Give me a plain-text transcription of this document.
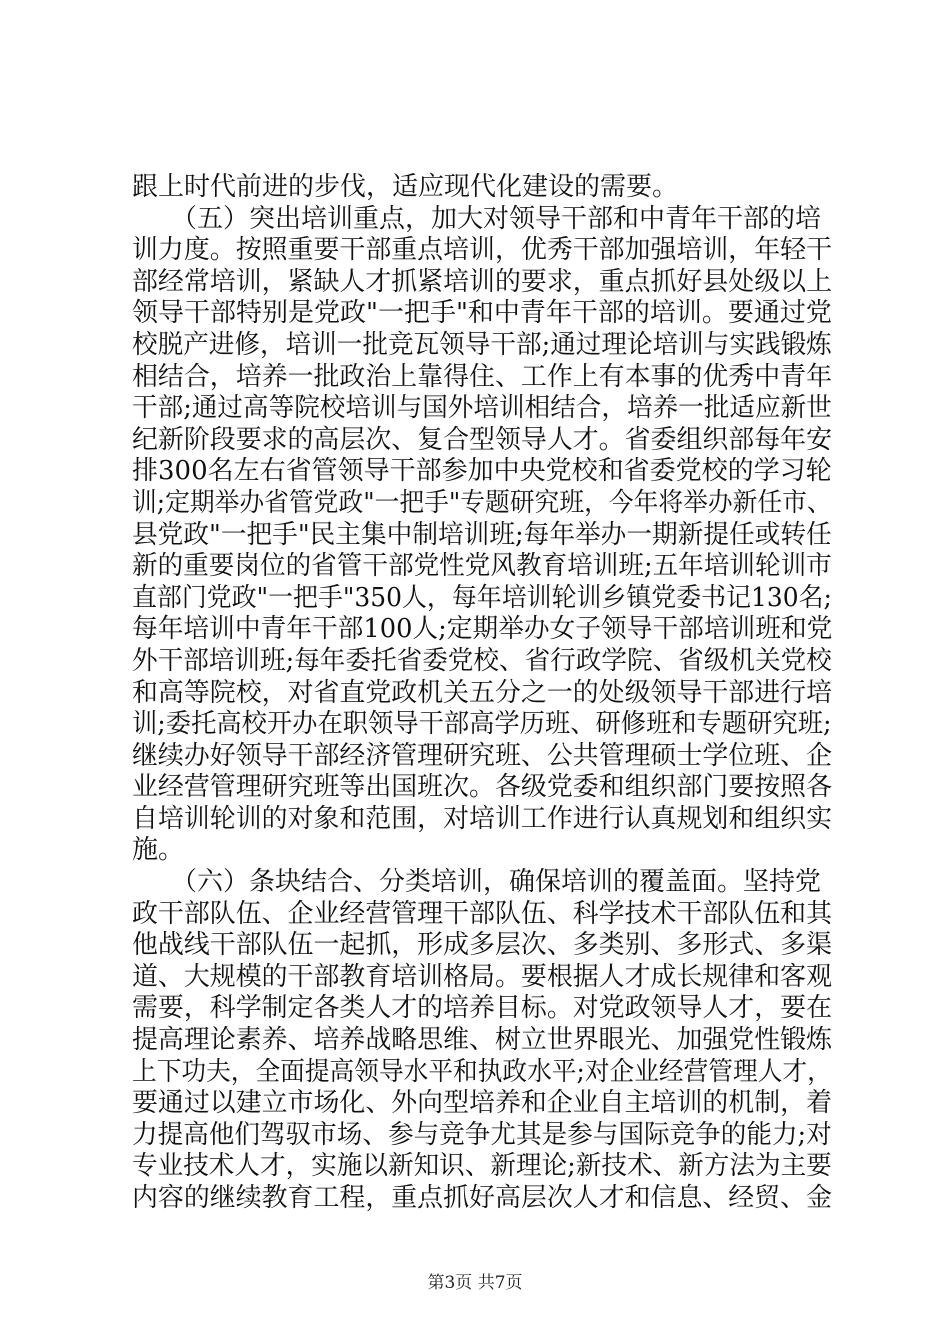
跟上时代前进的步伐，适应现代化建设的需要。
　　（五）突出培训重点，加大对领导干部和中青年干部的培
训力度。按照重要干部重点培训，优秀干部加强培训，年轻干
部经常培训，紧缺人才抓紧培训的要求，重点抓好县处级以上
领导干部特别是党政"一把手"和中青年干部的培训。要通过党
校脱产进修，培训一批竞瓦领导干部;通过理论培训与实践锻炼
相结合，培养一批政治上靠得住、工作上有本事的优秀中青年
干部;通过高等院校培训与国外培训相结合，培养一批适应新世
纪新阶段要求的高层次、复合型领导人才。省委组织部每年安
排300名左右省管领导干部参加中央党校和省委党校的学习轮
训;定期举办省管党政"一把手"专题研究班，今年将举办新任市、
县党政"一把手"民主集中制培训班;每年举办一期新提任或转任
新的重要岗位的省管干部党性党风教育培训班;五年培训轮训市
直部门党政"一把手"350人，每年培训轮训乡镇党委书记130名;
每年培训中青年干部100人;定期举办女子领导干部培训班和党
外干部培训班;每年委托省委党校、省行政学院、省级机关党校
和高等院校，对省直党政机关五分之一的处级领导干部进行培
训;委托高校开办在职领导干部高学历班、研修班和专题研究班;
继续办好领导干部经济管理研究班、公共管理硕士学位班、企
业经营管理研究班等出国班次。各级党委和组织部门要按照各
自培训轮训的对象和范围，对培训工作进行认真规划和组织实
施。
　　（六）条块结合、分类培训，确保培训的覆盖面。坚持党
政干部队伍、企业经营管理干部队伍、科学技术干部队伍和其
他战线干部队伍一起抓，形成多层次、多类别、多形式、多渠
道、大规模的干部教育培训格局。要根据人才成长规律和客观
需要，科学制定各类人才的培养目标。对党政领导人才，要在
提高理论素养、培养战略思维、树立世界眼光、加强党性锻炼
上下功夫，全面提高领导水平和执政水平;对企业经营管理人才，
要通过以建立市场化、外向型培养和企业自主培训的机制，着
力提高他们驾驭市场、参与竞争尤其是参与国际竞争的能力;对
专业技术人才，实施以新知识、新理论;新技术、新方法为主要
内容的继续教育工程，重点抓好高层次人才和信息、经贸、金
第3页 共7页
